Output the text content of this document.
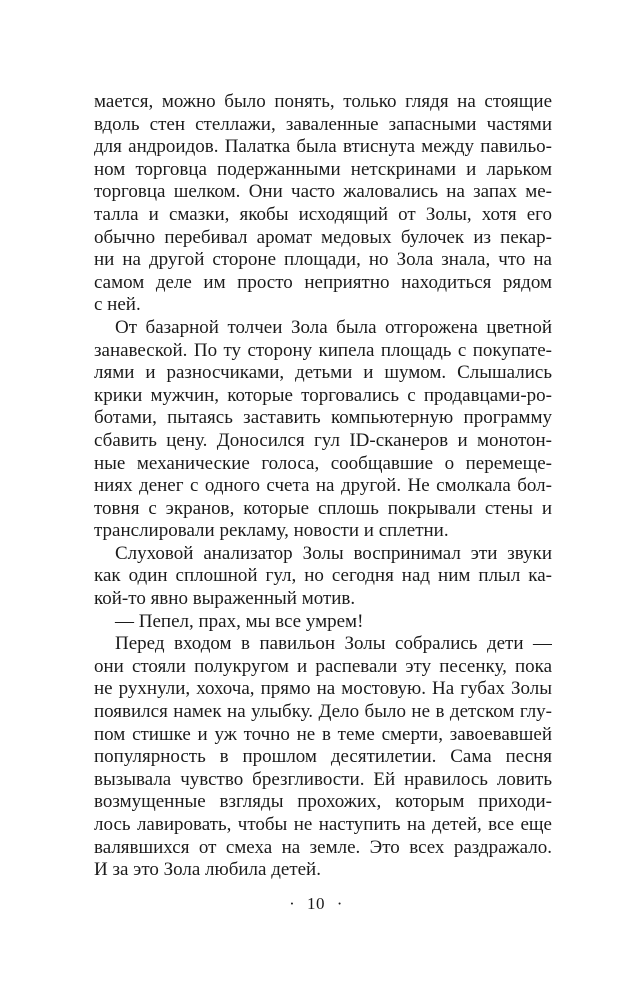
мается, можно было понять, только глядя на стоящие
вдоль стен стеллажи, заваленные запасными частями
для андроидов. Палатка была втиснута между павильо-
ном торговца подержанными нетскринами и ларьком
торговца шелком. Они часто жаловались на запах ме-
талла и смазки, якобы исходящий от Золы, хотя его
обычно перебивал аромат медовых булочек из пекар-
ни на другой стороне площади, но Зола знала, что на
самом деле им просто неприятно находиться рядом
с ней.
От базарной толчеи Зола была отгорожена цветной
занавеской. По ту сторону кипела площадь с покупате-
лями и разносчиками, детьми и шумом. Слышались
крики мужчин, которые торговались с продавцами-ро-
ботами, пытаясь заставить компьютерную программу
сбавить цену. Доносился гул ID-сканеров и монотон-
ные механические голоса, сообщавшие о перемеще-
ниях денег с одного счета на другой. Не смолкала бол-
товня с экранов, которые сплошь покрывали стены и
транслировали рекламу, новости и сплетни.
Слуховой анализатор Золы воспринимал эти звуки
как один сплошной гул, но сегодня над ним плыл ка-
кой-то явно выраженный мотив.
— Пепел, прах, мы все умрем!
Перед входом в павильон Золы собрались дети —
они стояли полукругом и распевали эту песенку, пока
не рухнули, хохоча, прямо на мостовую. На губах Золы
появился намек на улыбку. Дело было не в детском глу-
пом стишке и уж точно не в теме смерти, завоевавшей
популярность в прошлом десятилетии. Сама песня
вызывала чувство брезгливости. Ей нравилось ловить
возмущенные взгляды прохожих, которым приходи-
лось лавировать, чтобы не наступить на детей, все еще
валявшихся от смеха на земле. Это всех раздражало.
И за это Зола любила детей.
· 10 ·
